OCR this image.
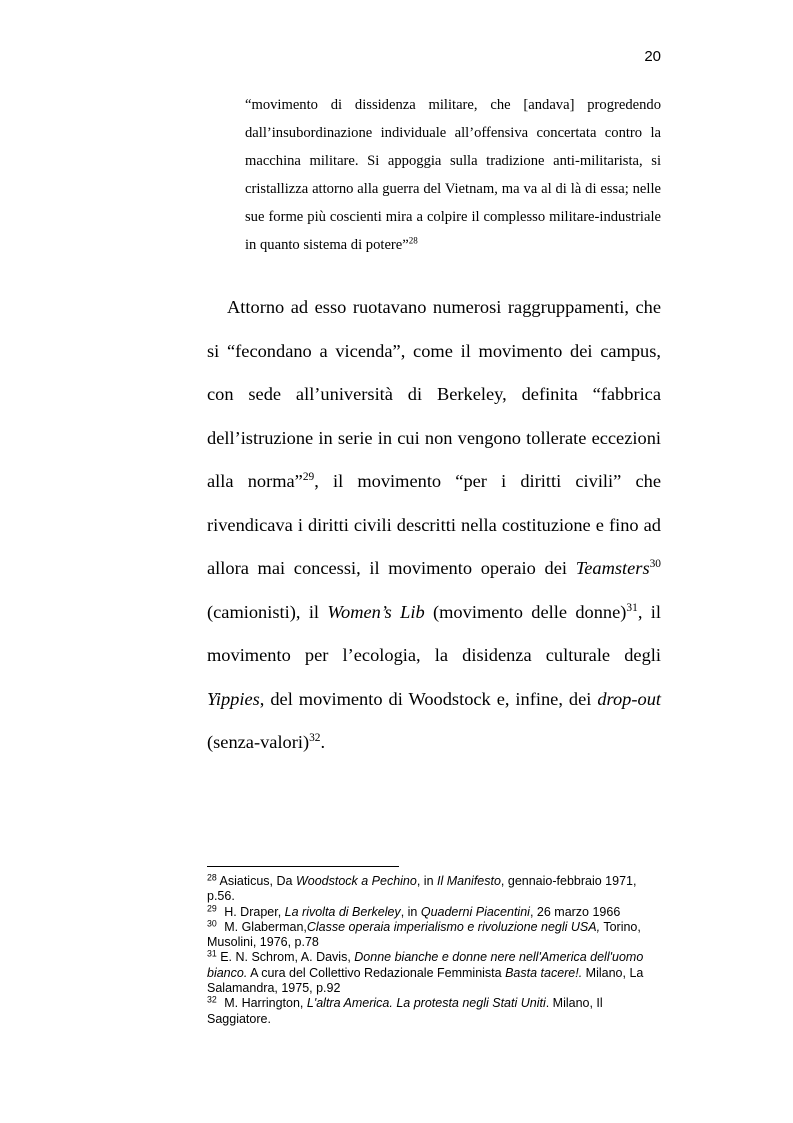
20

“movimento di dissidenza militare, che [andava] progredendo dall’insubordinazione individuale all’offensiva concertata contro la macchina militare. Si appoggia sulla tradizione anti-militarista, si cristallizza attorno alla guerra del Vietnam, ma va al di là di essa; nelle sue forme più coscienti mira a colpire il complesso militare-industriale in quanto sistema di potere”$^{28}$

Attorno ad esso ruotavano numerosi raggruppamenti, che si “fecondano a vicenda”, come il movimento dei campus, con sede all’università di Berkeley, definita “fabbrica dell’istruzione in serie in cui non vengono tollerate eccezioni alla norma”$^{29}$, il movimento “per i diritti civili” che rivendicava i diritti civili descritti nella costituzione e fino ad allora mai concessi, il movimento operaio dei Teamsters$^{30}$ (camionisti), il Women’s Lib (movimento delle donne)$^{31}$, il movimento per l’ecologia, la disidenza culturale degli Yippies, del movimento di Woodstock e, infine, dei drop-out (senza-valori)$^{32}$.

$^{28}$ Asiaticus, Da Woodstock a Pechino, in Il Manifesto, gennaio-febbraio 1971, p.56.

$^{29}$ H. Draper, La rivolta di Berkeley, in Quaderni Piacentini, 26 marzo 1966

$^{30}$ M. Glaberman,Classe operaia imperialismo e rivoluzione negli USA, Torino, Musolini, 1976, p.78

$^{31}$ E. N. Schrom, A. Davis, Donne bianche e donne nere nell'America dell'uomo bianco. A cura del Collettivo Redazionale Femminista Basta tacere!. Milano, La Salamandra, 1975, p.92

$^{32}$ M. Harrington, L'altra America. La protesta negli Stati Uniti. Milano, Il Saggiatore.
